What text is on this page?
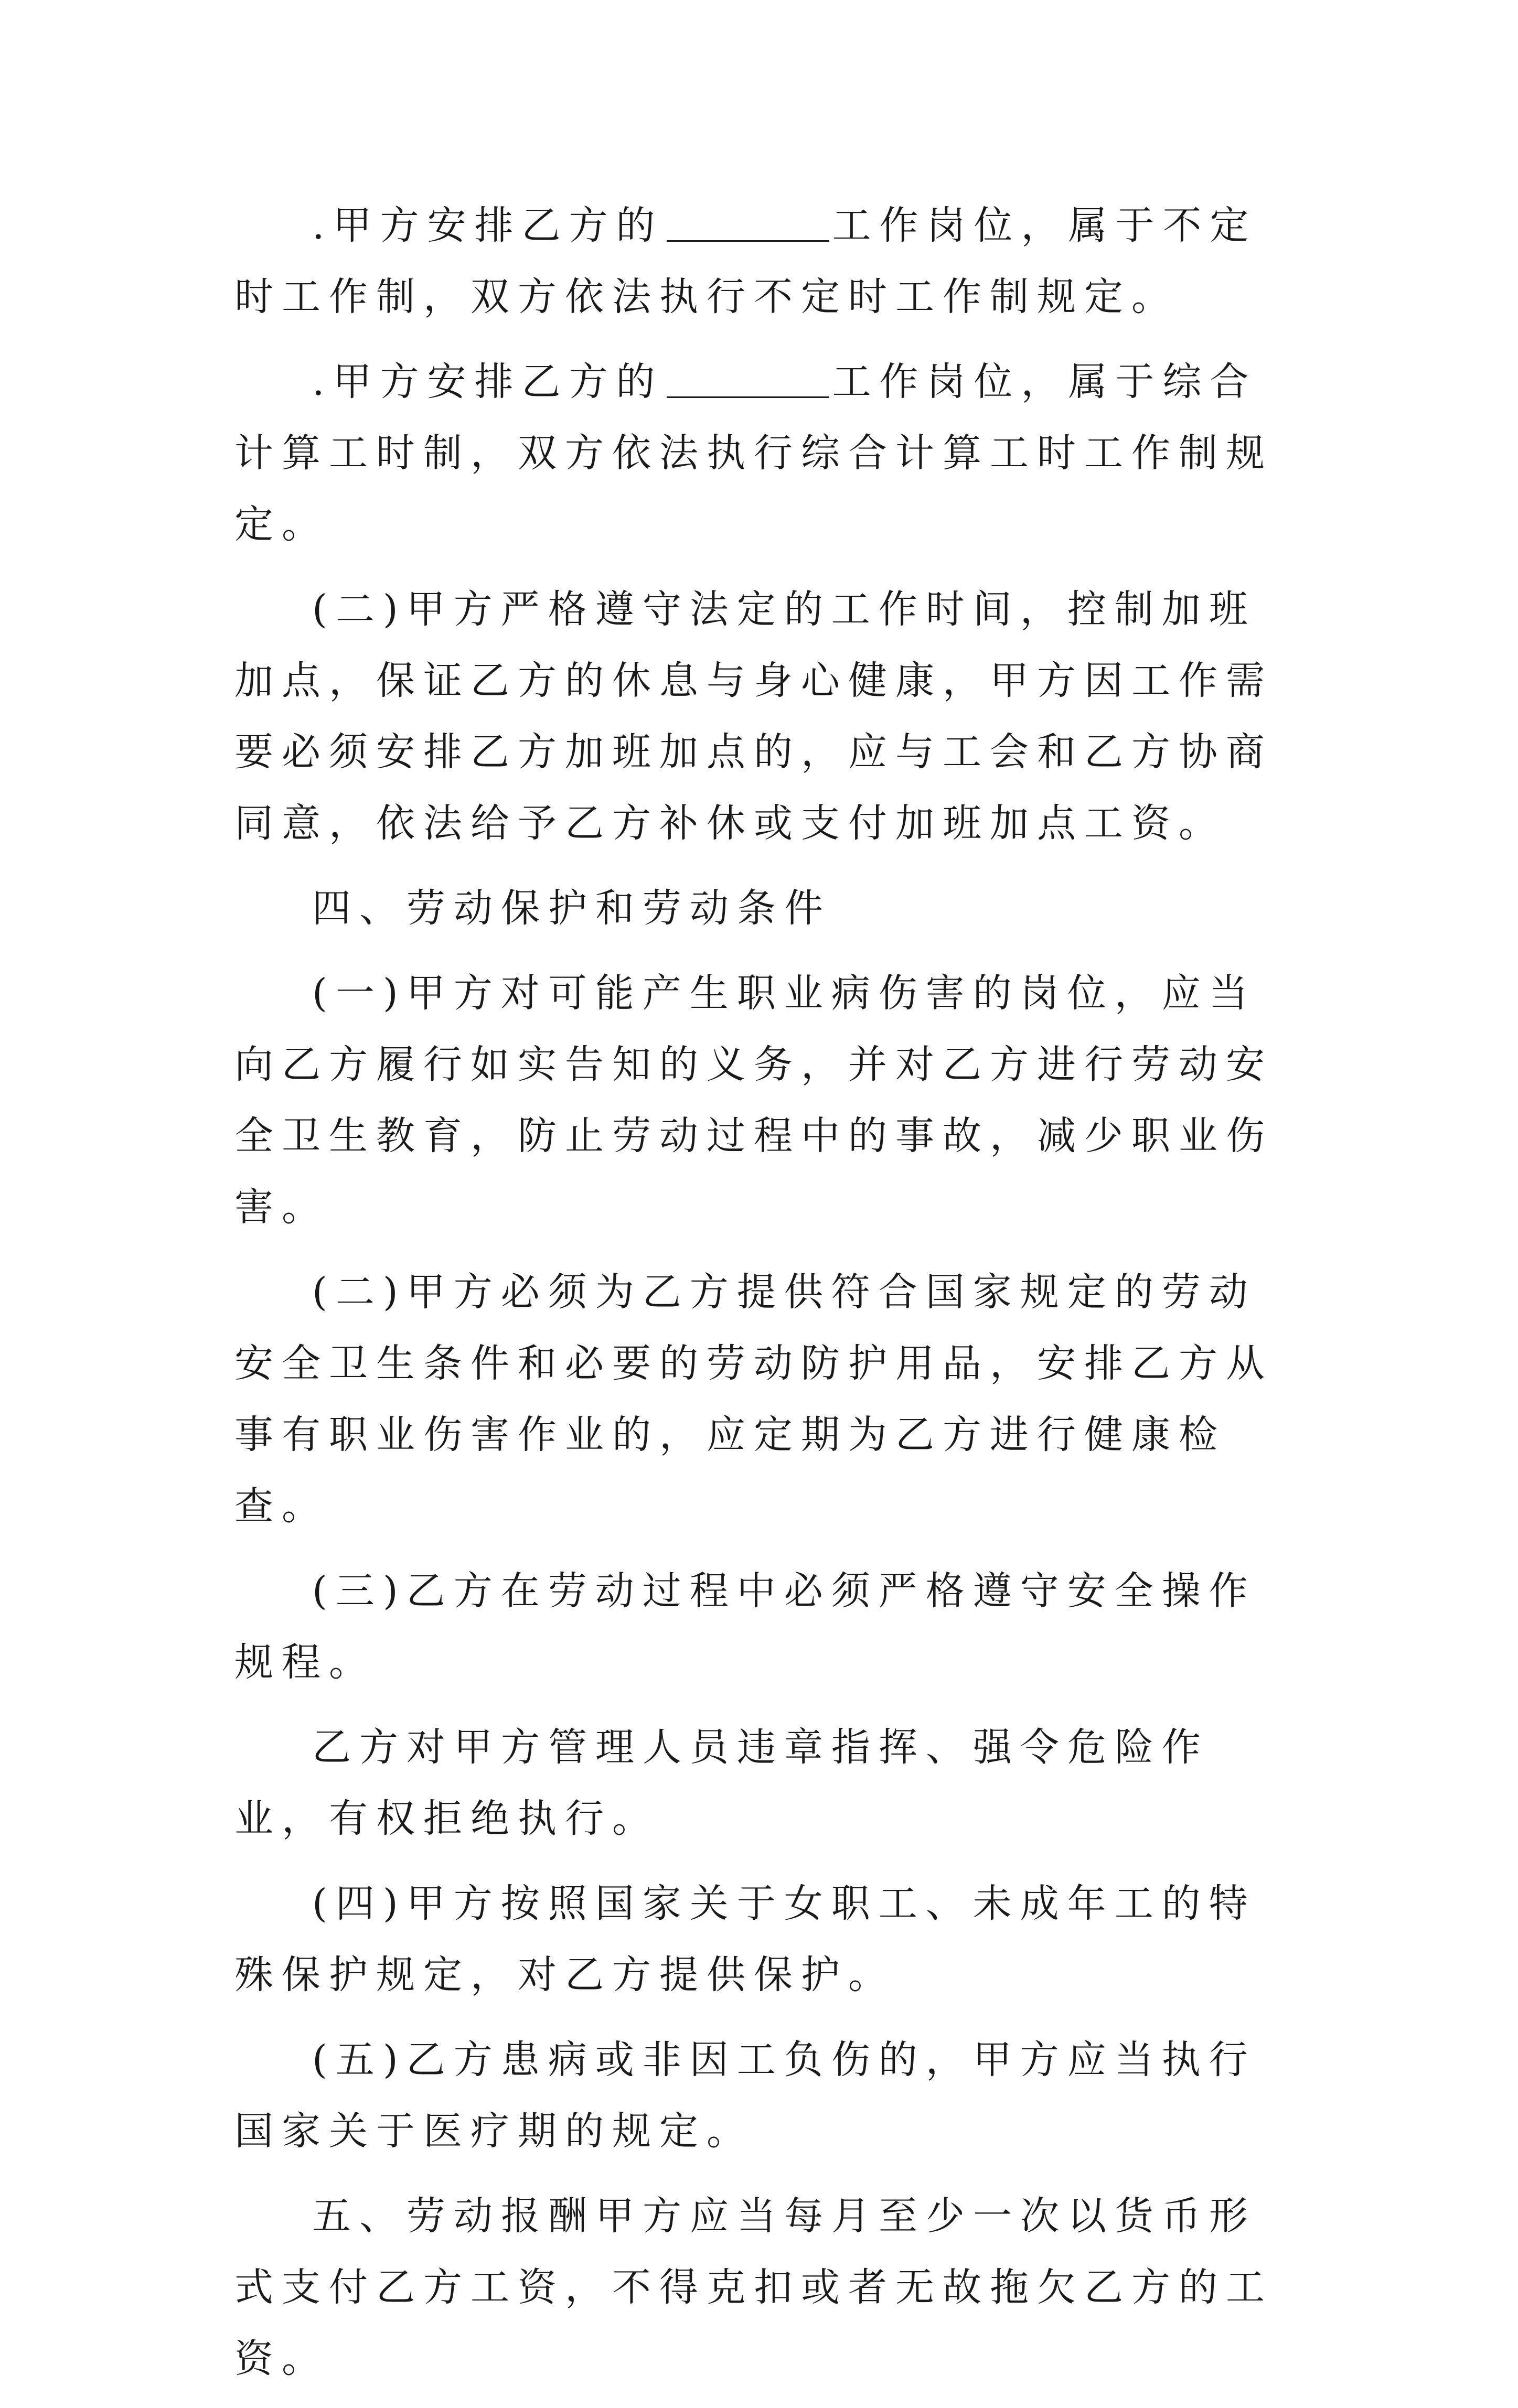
.甲方安排乙方的	工作岗位，属于不定时工作制，双方依法执行不定时工作制规定。

.甲方安排乙方的	工作岗位，属于综合计算工时制，双方依法执行综合计算工时工作制规定。

(二)甲方严格遵守法定的工作时间，控制加班加点，保证乙方的休息与身心健康，甲方因工作需要必须安排乙方加班加点的，应与工会和乙方协商同意，依法给予乙方补休或支付加班加点工资。

四、劳动保护和劳动条件

(一)甲方对可能产生职业病伤害的岗位，应当向乙方履行如实告知的义务，并对乙方进行劳动安全卫生教育，防止劳动过程中的事故，减少职业伤害。

(二)甲方必须为乙方提供符合国家规定的劳动安全卫生条件和必要的劳动防护用品，安排乙方从事有职业伤害作业的，应定期为乙方进行健康检查。

(三)乙方在劳动过程中必须严格遵守安全操作规程。

乙方对甲方管理人员违章指挥、强令危险作业，有权拒绝执行。

(四)甲方按照国家关于女职工、未成年工的特殊保护规定，对乙方提供保护。

(五)乙方患病或非因工负伤的，甲方应当执行国家关于医疗期的规定。

五、劳动报酬甲方应当每月至少一次以货币形式支付乙方工资，不得克扣或者无故拖欠乙方的工资。
